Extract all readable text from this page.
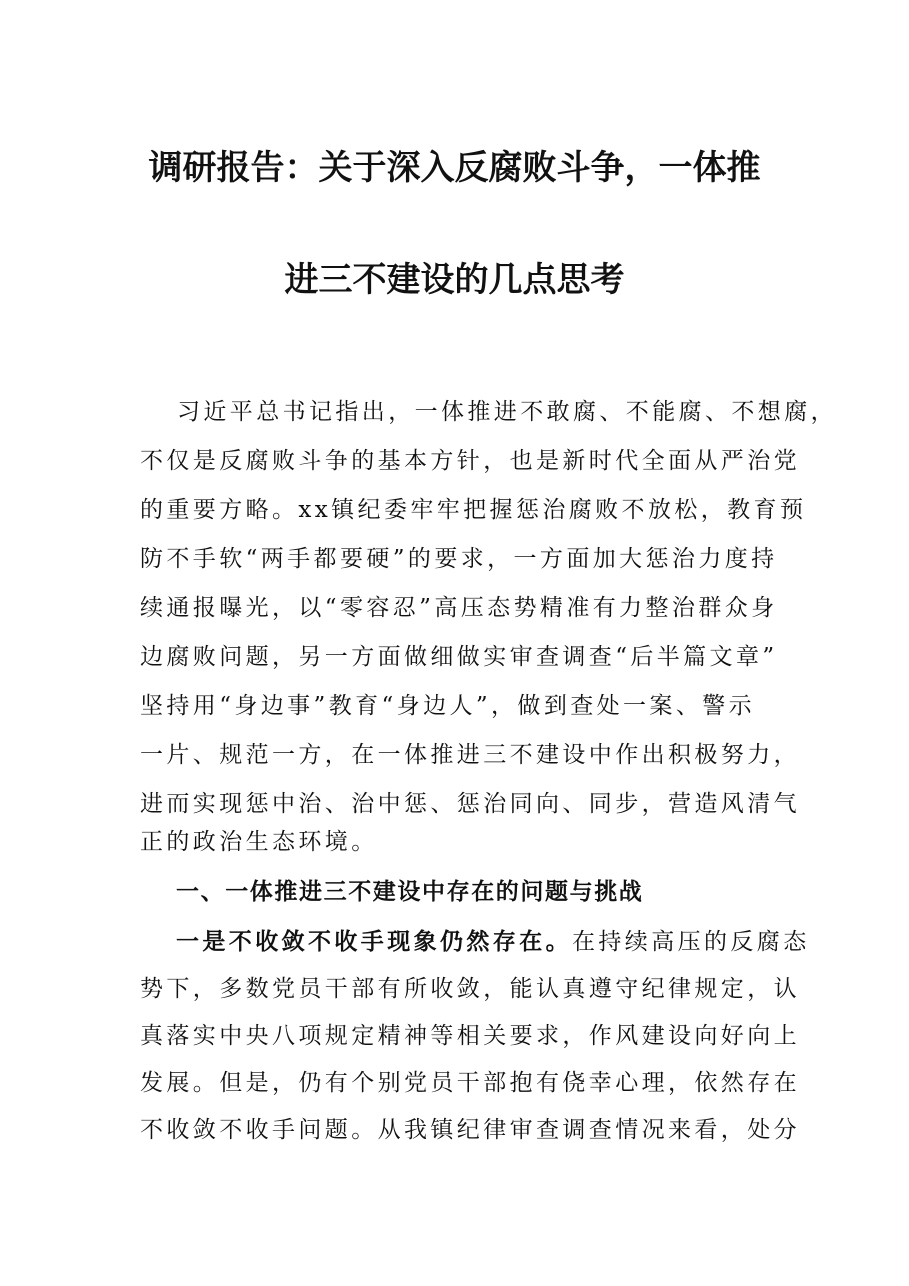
调研报告：关于深入反腐败斗争，一体推
进三不建设的几点思考
习近平总书记指出，一体推进不敢腐、不能腐、不想腐，
不仅是反腐败斗争的基本方针，也是新时代全面从严治党
的重要方略。xx镇纪委牢牢把握惩治腐败不放松，教育预
防不手软“两手都要硬”的要求，一方面加大惩治力度持
续通报曝光，以“零容忍”高压态势精准有力整治群众身
边腐败问题，另一方面做细做实审查调查“后半篇文章”
坚持用“身边事”教育“身边人”，做到查处一案、警示
一片、规范一方，在一体推进三不建设中作出积极努力，
进而实现惩中治、治中惩、惩治同向、同步，营造风清气
正的政治生态环境。
一、一体推进三不建设中存在的问题与挑战
一是不收敛不收手现象仍然存在。在持续高压的反腐态
势下，多数党员干部有所收敛，能认真遵守纪律规定，认
真落实中央八项规定精神等相关要求，作风建设向好向上
发展。但是，仍有个别党员干部抱有侥幸心理，依然存在
不收敛不收手问题。从我镇纪律审查调查情况来看，处分
